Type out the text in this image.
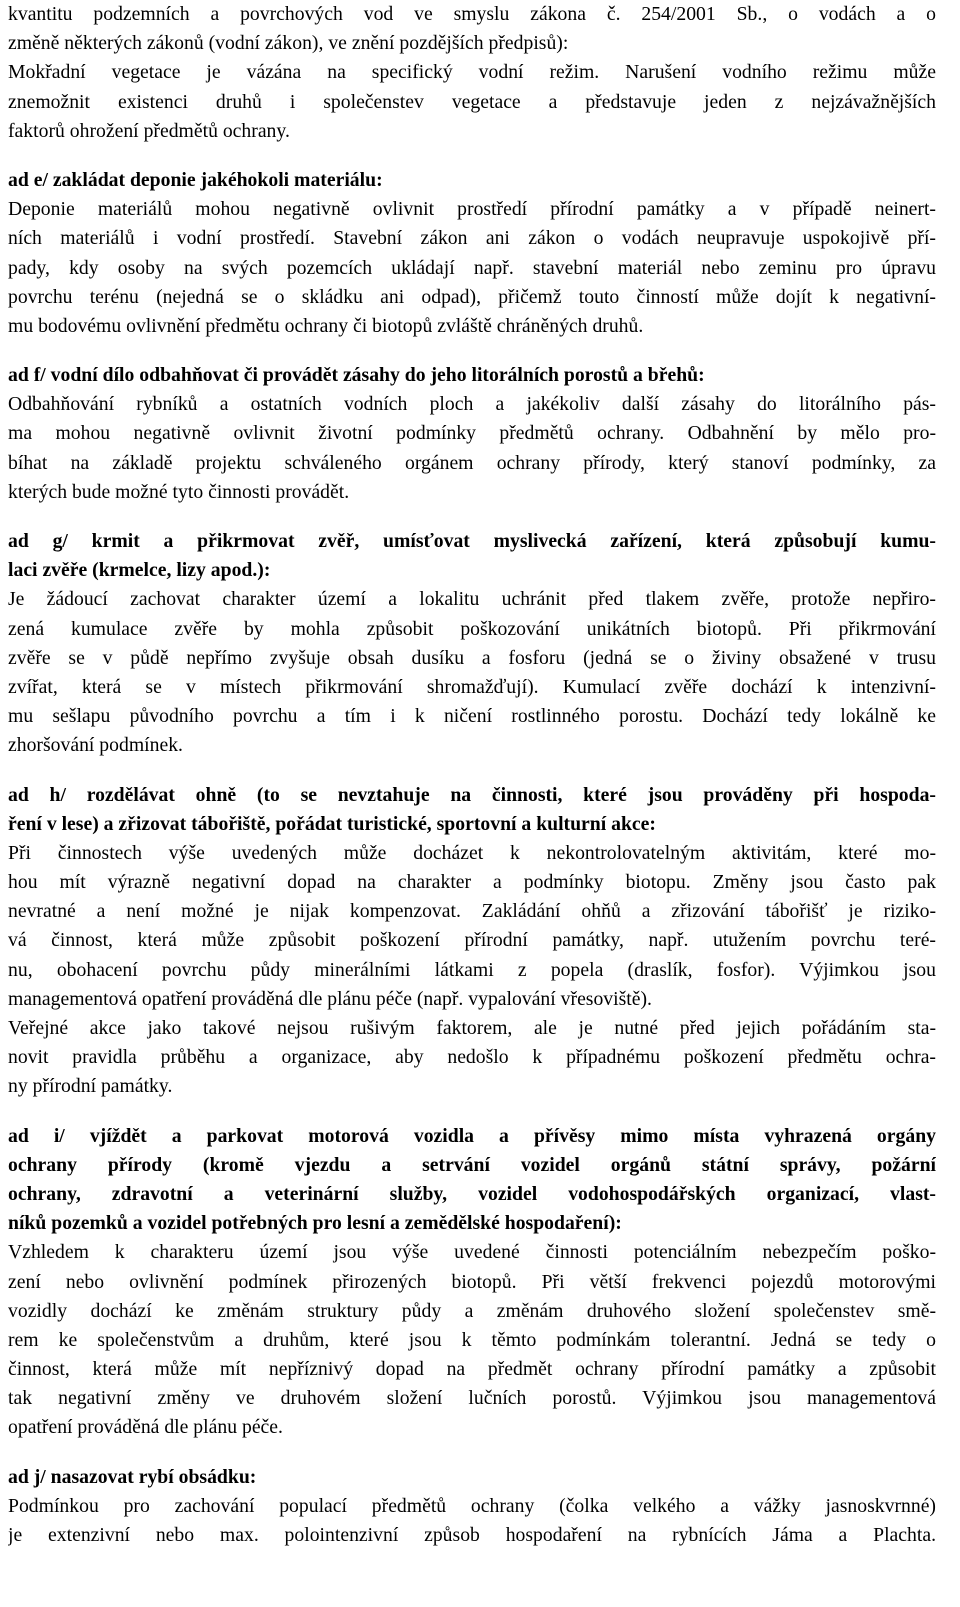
kvantitu podzemních a povrchových vod ve smyslu zákona č. 254/2001 Sb., o vodách a o
změně některých zákonů (vodní zákon), ve znění pozdějších předpisů):
Mokřadní vegetace je vázána na specifický vodní režim. Narušení vodního režimu může
znemožnit existenci druhů i společenstev vegetace a představuje jeden z nejzávažnějších
faktorů ohrožení předmětů ochrany.
ad e/ zakládat deponie jakéhokoli materiálu:
Deponie materiálů mohou negativně ovlivnit prostředí přírodní památky a v případě neinert-
ních materiálů i vodní prostředí. Stavební zákon ani zákon o vodách neupravuje uspokojivě pří-
pady, kdy osoby na svých pozemcích ukládají např. stavební materiál nebo zeminu pro úpravu
povrchu terénu (nejedná se o skládku ani odpad), přičemž touto činností může dojít k negativní-
mu bodovému ovlivnění předmětu ochrany či biotopů zvláště chráněných druhů.
ad f/ vodní dílo odbahňovat či provádět zásahy do jeho litorálních porostů a břehů:
Odbahňování rybníků a ostatních vodních ploch a jakékoliv další zásahy do litorálního pás-
ma mohou negativně ovlivnit životní podmínky předmětů ochrany. Odbahnění by mělo pro-
bíhat na základě projektu schváleného orgánem ochrany přírody, který stanoví podmínky, za
kterých bude možné tyto činnosti provádět.
ad g/ krmit a přikrmovat zvěř, umísťovat myslivecká zařízení, která způsobují kumu-
laci zvěře (krmelce, lizy apod.):
Je žádoucí zachovat charakter území a lokalitu uchránit před tlakem zvěře, protože nepřiro-
zená kumulace zvěře by mohla způsobit poškozování unikátních biotopů. Při přikrmování
zvěře se v půdě nepřímo zvyšuje obsah dusíku a fosforu (jedná se o živiny obsažené v trusu
zvířat, která se v místech přikrmování shromažďují). Kumulací zvěře dochází k intenzivní-
mu sešlapu původního povrchu a tím i k ničení rostlinného porostu. Dochází tedy lokálně ke
zhoršování podmínek.
ad h/ rozdělávat ohně (to se nevztahuje na činnosti, které jsou prováděny při hospoda-
ření v lese) a zřizovat tábořiště, pořádat turistické, sportovní a kulturní akce:
Při činnostech výše uvedených může docházet k nekontrolovatelným aktivitám, které mo-
hou mít výrazně negativní dopad na charakter a podmínky biotopu. Změny jsou často pak
nevratné a není možné je nijak kompenzovat. Zakládání ohňů a zřizování tábořišť je riziko-
vá činnost, která může způsobit poškození přírodní památky, např. utužením povrchu teré-
nu, obohacení povrchu půdy minerálními látkami z popela (draslík, fosfor). Výjimkou jsou
managementová opatření prováděná dle plánu péče (např. vypalování vřesoviště).
Veřejné akce jako takové nejsou rušivým faktorem, ale je nutné před jejich pořádáním sta-
novit pravidla průběhu a organizace, aby nedošlo k případnému poškození předmětu ochra-
ny přírodní památky.
ad i/ vjíždět a parkovat motorová vozidla a přívěsy mimo místa vyhrazená orgány
ochrany přírody (kromě vjezdu a setrvání vozidel orgánů státní správy, požární
ochrany, zdravotní a veterinární služby, vozidel vodohospodářských organizací, vlast-
níků pozemků a vozidel potřebných pro lesní a zemědělské hospodaření):
Vzhledem k charakteru území jsou výše uvedené činnosti potenciálním nebezpečím poško-
zení nebo ovlivnění podmínek přirozených biotopů. Při větší frekvenci pojezdů motorovými
vozidly dochází ke změnám struktury půdy a změnám druhového složení společenstev smě-
rem ke společenstvům a druhům, které jsou k těmto podmínkám tolerantní. Jedná se tedy o
činnost, která může mít nepříznivý dopad na předmět ochrany přírodní památky a způsobit
tak negativní změny ve druhovém složení lučních porostů. Výjimkou jsou managementová
opatření prováděná dle plánu péče.
ad j/ nasazovat rybí obsádku:
Podmínkou pro zachování populací předmětů ochrany (čolka velkého a vážky jasnoskvrnné)
je extenzivní nebo max. polointenzivní způsob hospodaření na rybnících Jáma a Plachta.
